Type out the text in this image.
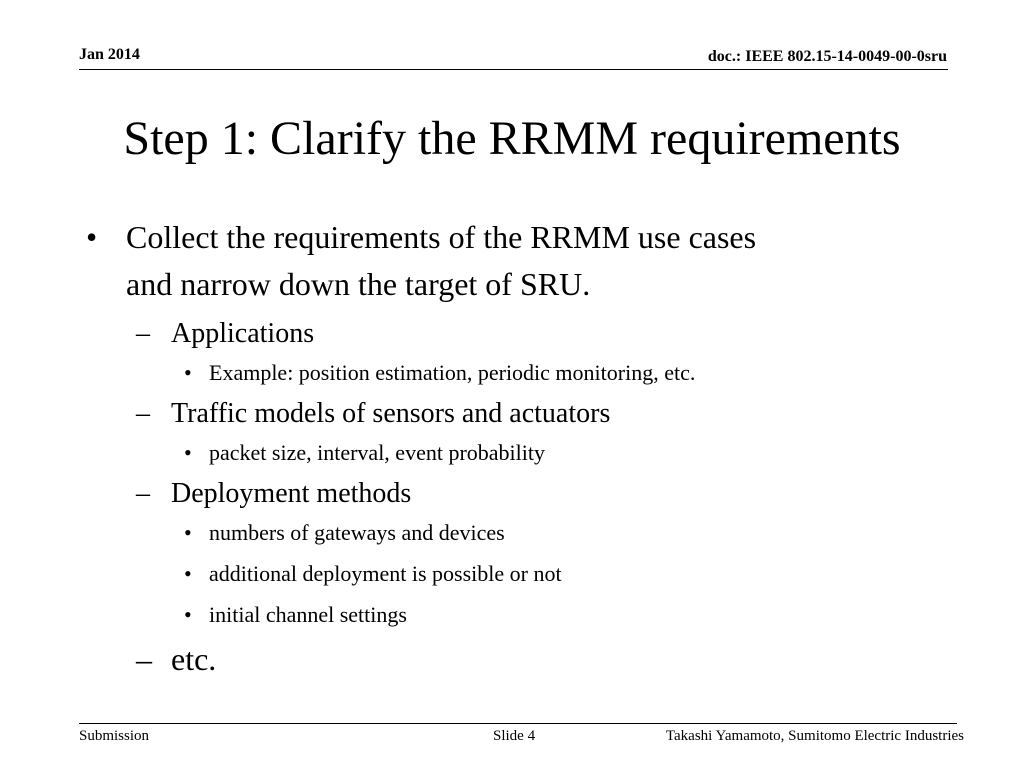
Jan 2014	doc.: IEEE 802.15-14-0049-00-0sru
Step 1: Clarify the RRMM requirements
• Collect the requirements of the RRMM use cases
and narrow down the target of SRU.
– Applications
• Example: position estimation, periodic monitoring, etc.
– Traffic models of sensors and actuators
• packet size, interval, event probability
– Deployment methods
• numbers of gateways and devices
• additional deployment is possible or not
• initial channel settings
– etc.
Submission	Slide 4	Takashi Yamamoto, Sumitomo Electric Industries
